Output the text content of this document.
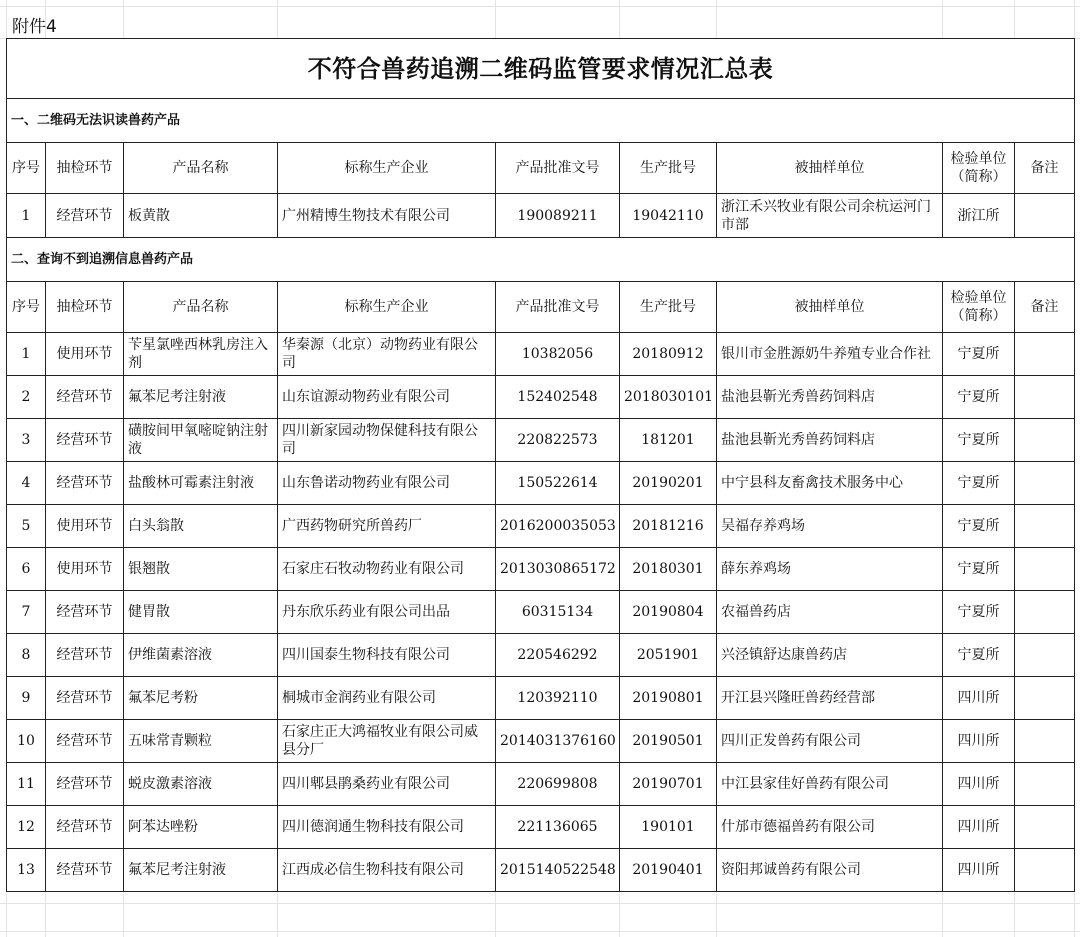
附件4
不符合兽药追溯二维码监管要求情况汇总表								
一、二维码无法识读兽药产品								
序号	抽检环节	产品名称	标称生产企业	产品批准文号	生产批号	被抽样单位	检验单位（简称）	备注
1	经营环节	板黄散	广州精博生物技术有限公司	190089211	19042110	浙江禾兴牧业有限公司余杭运河门市部	浙江所	
二、查询不到追溯信息兽药产品								
序号	抽检环节	产品名称	标称生产企业	产品批准文号	生产批号	被抽样单位	检验单位（简称）	备注
1	使用环节	苄星氯唑西林乳房注入剂	华秦源（北京）动物药业有限公司	10382056	20180912	银川市金胜源奶牛养殖专业合作社	宁夏所	
2	经营环节	氟苯尼考注射液	山东谊源动物药业有限公司	152402548	2018030101	盐池县靳光秀兽药饲料店	宁夏所	
3	经营环节	磺胺间甲氧嘧啶钠注射液	四川新家园动物保健科技有限公司	220822573	181201	盐池县靳光秀兽药饲料店	宁夏所	
4	经营环节	盐酸林可霉素注射液	山东鲁诺动物药业有限公司	150522614	20190201	中宁县科友畜禽技术服务中心	宁夏所	
5	使用环节	白头翁散	广西药物研究所兽药厂	2016200035053	20181216	吴福存养鸡场	宁夏所	
6	使用环节	银翘散	石家庄石牧动物药业有限公司	2013030865172	20180301	薛东养鸡场	宁夏所	
7	经营环节	健胃散	丹东欣乐药业有限公司出品	60315134	20190804	农福兽药店	宁夏所	
8	经营环节	伊维菌素溶液	四川国泰生物科技有限公司	220546292	2051901	兴泾镇舒达康兽药店	宁夏所	
9	经营环节	氟苯尼考粉	桐城市金润药业有限公司	120392110	20190801	开江县兴隆旺兽药经营部	四川所	
10	经营环节	五味常青颗粒	石家庄正大鸿福牧业有限公司威县分厂	2014031376160	20190501	四川正发兽药有限公司	四川所	
11	经营环节	蜕皮激素溶液	四川郫县鹃桑药业有限公司	220699808	20190701	中江县家佳好兽药有限公司	四川所	
12	经营环节	阿苯达唑粉	四川德润通生物科技有限公司	221136065	190101	什邡市德福兽药有限公司	四川所	
13	经营环节	氟苯尼考注射液	江西成必信生物科技有限公司	2015140522548	20190401	资阳邦诚兽药有限公司	四川所	
